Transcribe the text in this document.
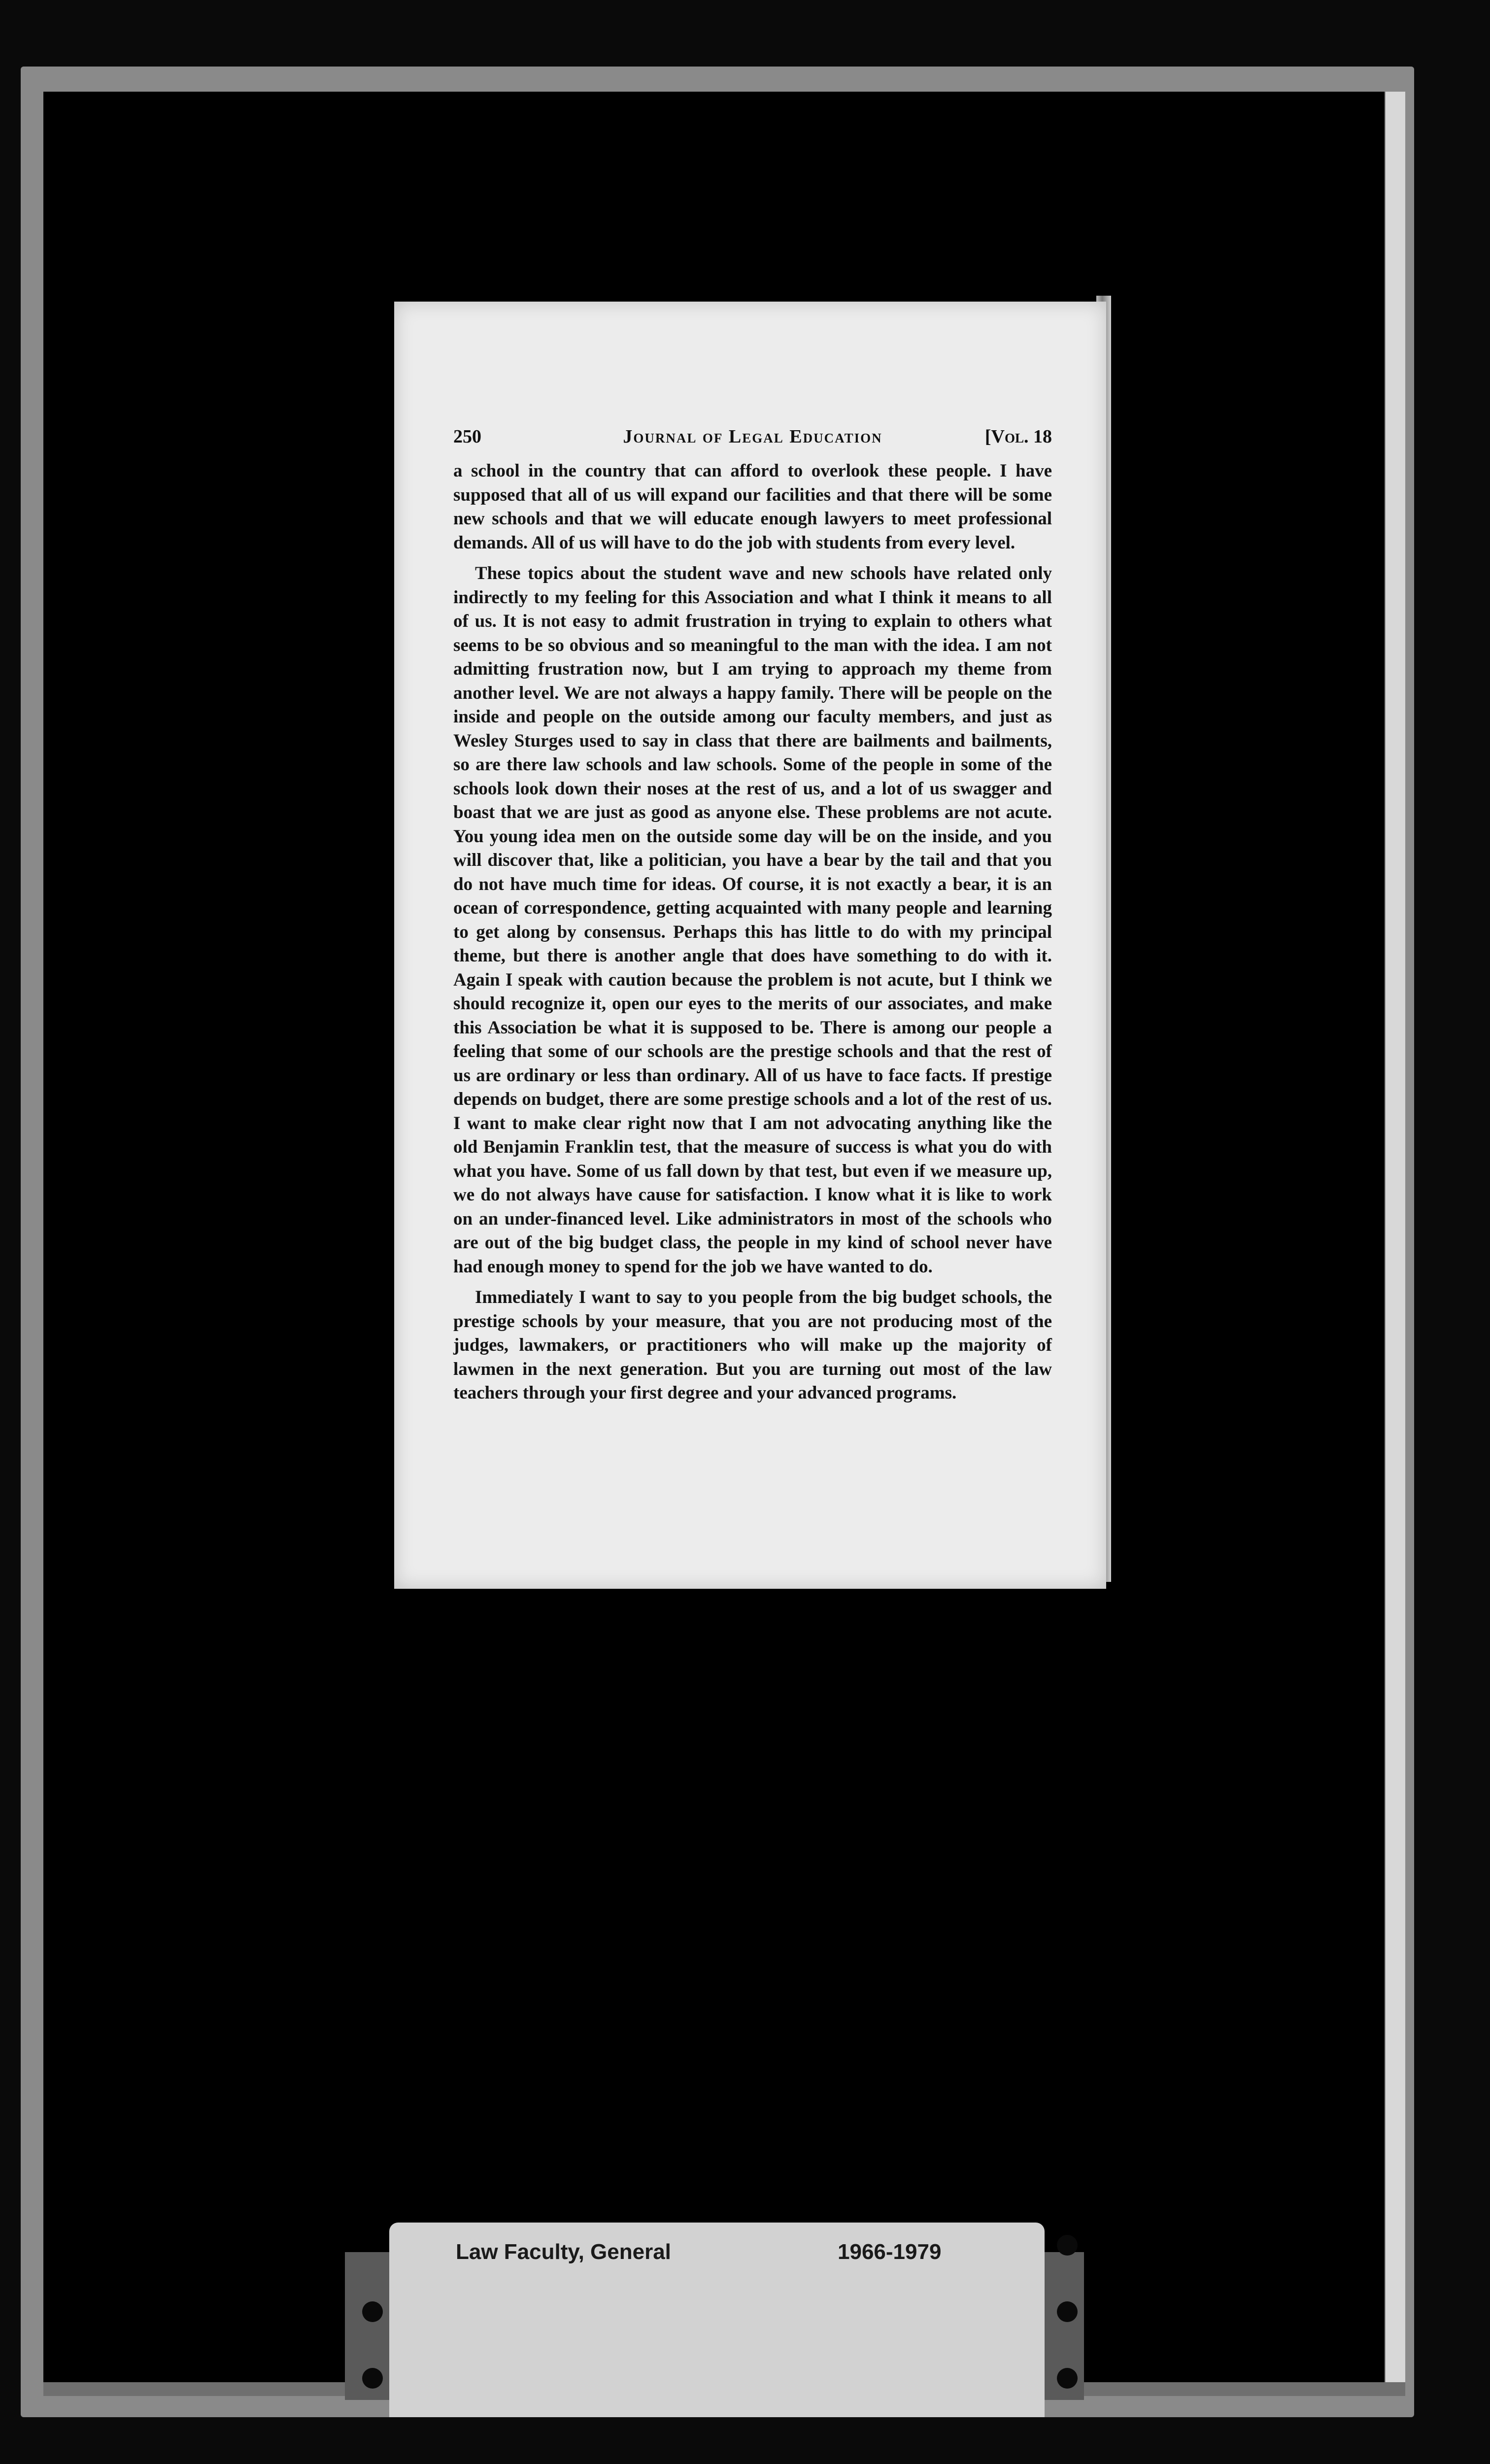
250	Journal of Legal Education	[Vol. 18

a school in the country that can afford to overlook these people. I have supposed that all of us will expand our facilities and that there will be some new schools and that we will educate enough lawyers to meet professional demands. All of us will have to do the job with students from every level.

These topics about the student wave and new schools have related only indirectly to my feeling for this Association and what I think it means to all of us. It is not easy to admit frustration in trying to explain to others what seems to be so obvious and so meaningful to the man with the idea. I am not admitting frustration now, but I am trying to approach my theme from another level. We are not always a happy family. There will be people on the inside and people on the outside among our faculty members, and just as Wesley Sturges used to say in class that there are bailments and bailments, so are there law schools and law schools. Some of the people in some of the schools look down their noses at the rest of us, and a lot of us swagger and boast that we are just as good as anyone else. These problems are not acute. You young idea men on the outside some day will be on the inside, and you will discover that, like a politician, you have a bear by the tail and that you do not have much time for ideas. Of course, it is not exactly a bear, it is an ocean of correspondence, getting acquainted with many people and learning to get along by consensus. Perhaps this has little to do with my principal theme, but there is another angle that does have something to do with it. Again I speak with caution because the problem is not acute, but I think we should recognize it, open our eyes to the merits of our associates, and make this Association be what it is supposed to be. There is among our people a feeling that some of our schools are the prestige schools and that the rest of us are ordinary or less than ordinary. All of us have to face facts. If prestige depends on budget, there are some prestige schools and a lot of the rest of us. I want to make clear right now that I am not advocating anything like the old Benjamin Franklin test, that the measure of success is what you do with what you have. Some of us fall down by that test, but even if we measure up, we do not always have cause for satisfaction. I know what it is like to work on an under-financed level. Like administrators in most of the schools who are out of the big budget class, the people in my kind of school never have had enough money to spend for the job we have wanted to do.

Immediately I want to say to you people from the big budget schools, the prestige schools by your measure, that you are not producing most of the judges, lawmakers, or practitioners who will make up the majority of lawmen in the next generation. But you are turning out most of the law teachers through your first degree and your advanced programs.

Law Faculty, General	1966-1979
